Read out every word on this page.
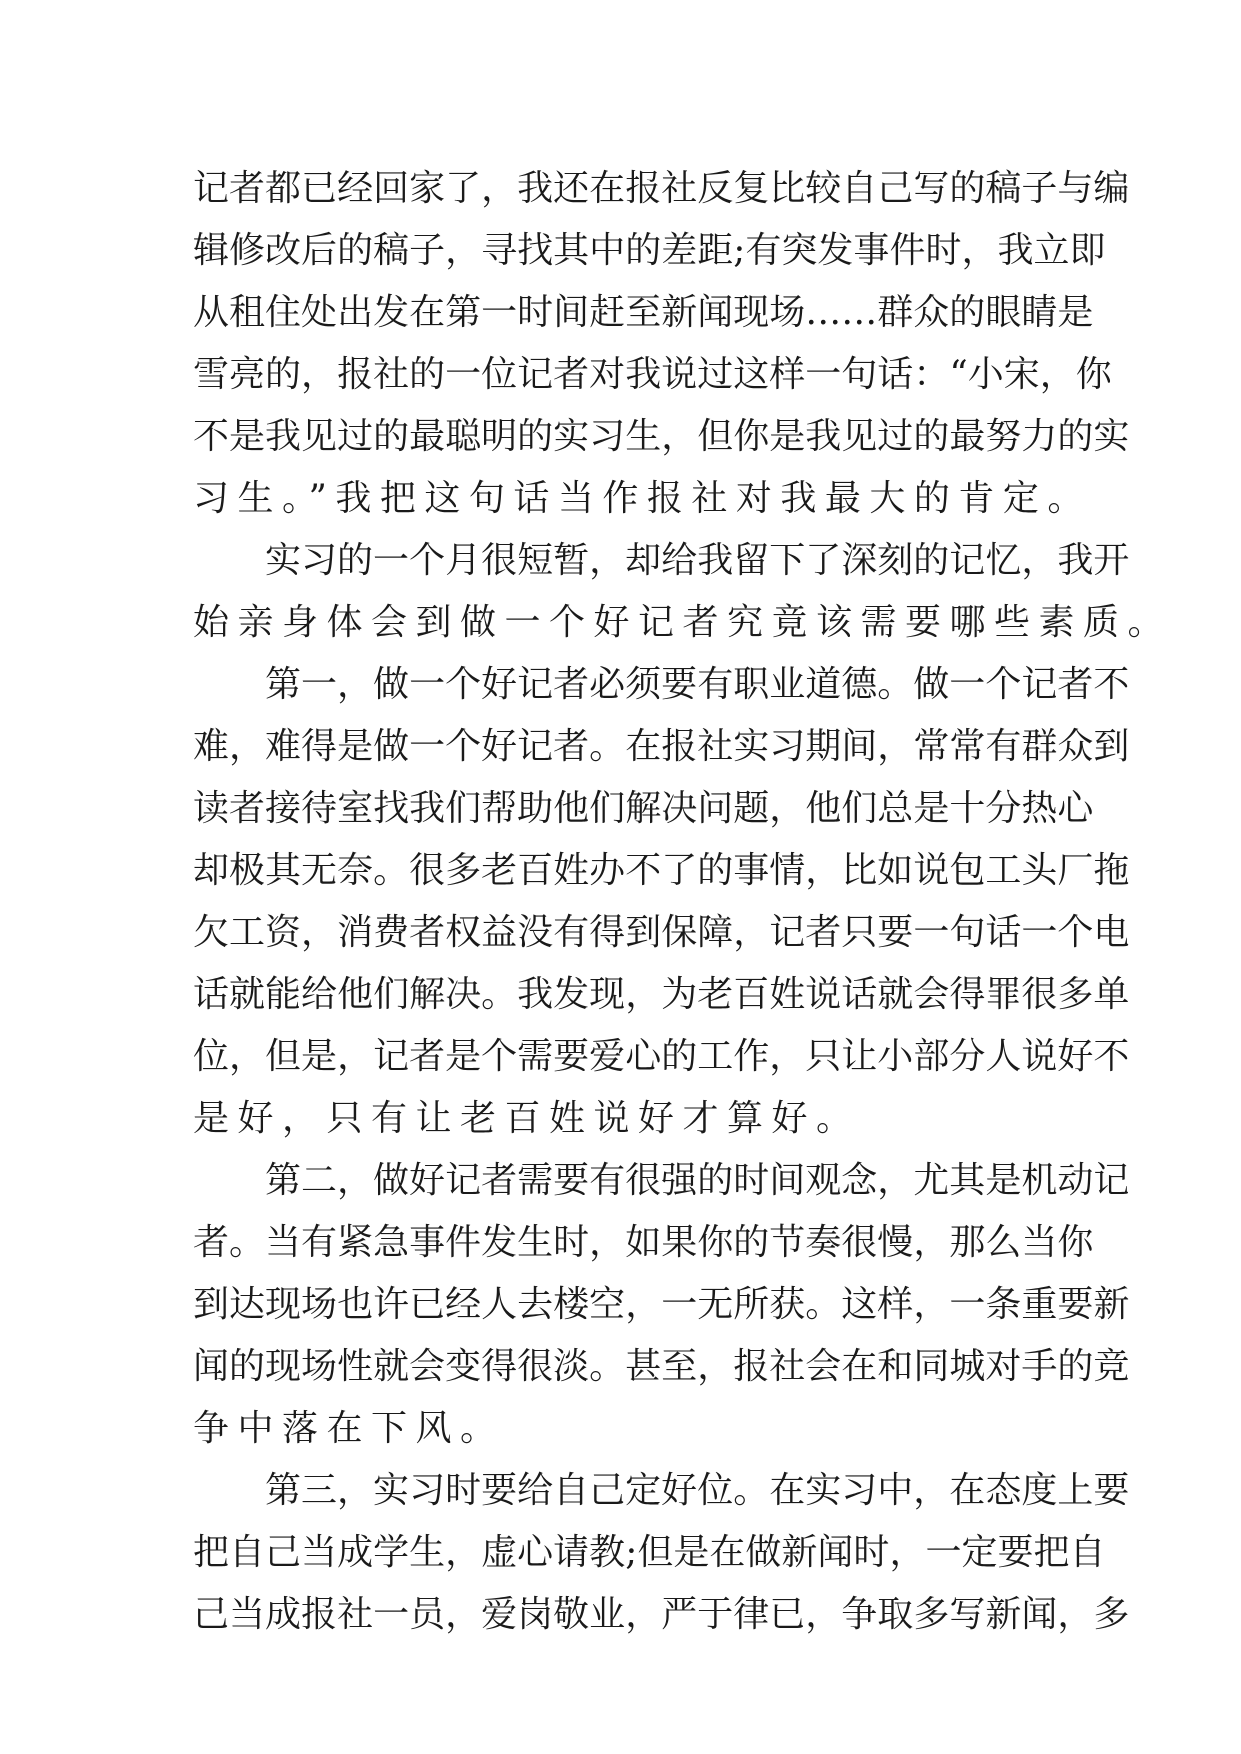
记 者 都 已 经 回 家 了 ， 我 还 在 报 社 反 复 比 较 自 己 写 的 稿 子 与 编
辑 修 改 后 的 稿 子 ， 寻 找 其 中 的 差 距 ; 有 突 发 事 件 时 ， 我 立 即
从 租 住 处 出 发 在 第 一 时 间 赶 至 新 闻 现 场 … … 群 众 的 眼 睛 是
雪 亮 的 ， 报 社 的 一 位 记 者 对 我 说 过 这 样 一 句 话 ： “ 小 宋 ， 你
不 是 我 见 过 的 最 聪 明 的 实 习 生 ， 但 你 是 我 见 过 的 最 努 力 的 实
习生。”我把这句话当作报社对我最大的肯定。
实 习 的 一 个 月 很 短 暂 ， 却 给 我 留 下 了 深 刻 的 记 忆 ， 我 开
始亲身体会到做一个好记者究竟该需要哪些素质。
第 一 ， 做 一 个 好 记 者 必 须 要 有 职 业 道 德 。 做 一 个 记 者 不
难 ， 难 得 是 做 一 个 好 记 者 。 在 报 社 实 习 期 间 ， 常 常 有 群 众 到
读 者 接 待 室 找 我 们 帮 助 他 们 解 决 问 题 ， 他 们 总 是 十 分 热 心
却 极 其 无 奈 。 很 多 老 百 姓 办 不 了 的 事 情 ， 比 如 说 包 工 头 厂 拖
欠 工 资 ， 消 费 者 权 益 没 有 得 到 保 障 ， 记 者 只 要 一 句 话 一 个 电
话 就 能 给 他 们 解 决 。 我 发 现 ， 为 老 百 姓 说 话 就 会 得 罪 很 多 单
位 ， 但 是 ， 记 者 是 个 需 要 爱 心 的 工 作 ， 只 让 小 部 分 人 说 好 不
是好，只有让老百姓说好才算好。
第 二 ， 做 好 记 者 需 要 有 很 强 的 时 间 观 念 ， 尤 其 是 机 动 记
者 。 当 有 紧 急 事 件 发 生 时 ， 如 果 你 的 节 奏 很 慢 ， 那 么 当 你
到 达 现 场 也 许 已 经 人 去 楼 空 ， 一 无 所 获 。 这 样 ， 一 条 重 要 新
闻 的 现 场 性 就 会 变 得 很 淡 。 甚 至 ， 报 社 会 在 和 同 城 对 手 的 竞
争中落在下风。
第 三 ， 实 习 时 要 给 自 己 定 好 位 。 在 实 习 中 ， 在 态 度 上 要
把 自 己 当 成 学 生 ， 虚 心 请 教 ; 但 是 在 做 新 闻 时 ， 一 定 要 把 自
己 当 成 报 社 一 员 ， 爱 岗 敬 业 ， 严 于 律 已 ， 争 取 多 写 新 闻 ， 多
